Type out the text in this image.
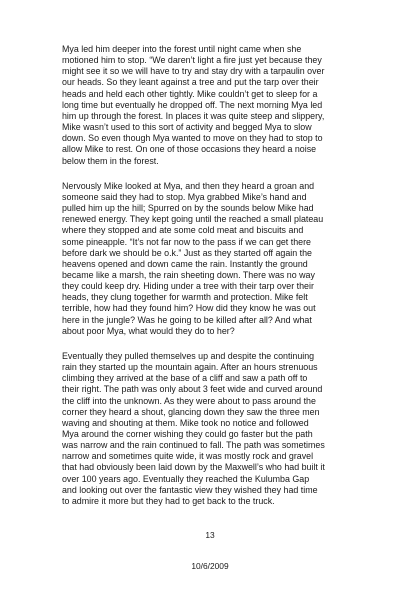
Mya led him deeper into the forest until night came when she
motioned him to stop. “We daren’t light a fire just yet because they
might see it so we will have to try and stay dry with a tarpaulin over
our heads. So they leant against a tree and put the tarp over their
heads and held each other tightly. Mike couldn’t get to sleep for a
long time but eventually he dropped off. The next morning Mya led
him up through the forest. In places it was quite steep and slippery,
Mike wasn’t used to this sort of activity and begged Mya to slow
down. So even though Mya wanted to move on they had to stop to
allow Mike to rest. On one of those occasions they heard a noise
below them in the forest.

Nervously Mike looked at Mya, and then they heard a groan and
someone said they had to stop. Mya grabbed Mike’s hand and
pulled him up the hill; Spurred on by the sounds below Mike had
renewed energy. They kept going until the reached a small plateau
where they stopped and ate some cold meat and biscuits and
some pineapple. “It’s not far now to the pass if we can get there
before dark we should be o.k.” Just as they started off again the
heavens opened and down came the rain. Instantly the ground
became like a marsh, the rain sheeting down. There was no way
they could keep dry. Hiding under a tree with their tarp over their
heads, they clung together for warmth and protection. Mike felt
terrible, how had they found him? How did they know he was out
here in the jungle? Was he going to be killed after all? And what
about poor Mya, what would they do to her?

Eventually they pulled themselves up and despite the continuing
rain they started up the mountain again. After an hours strenuous
climbing they arrived at the base of a cliff and saw a path off to
their right. The path was only about 3 feet wide and curved around
the cliff into the unknown. As they were about to pass around the
corner they heard a shout, glancing down they saw the three men
waving and shouting at them. Mike took no notice and followed
Mya around the corner wishing they could go faster but the path
was narrow and the rain continued to fall. The path was sometimes
narrow and sometimes quite wide, it was mostly rock and gravel
that had obviously been laid down by the Maxwell’s who had built it
over 100 years ago. Eventually they reached the Kulumba Gap
and looking out over the fantastic view they wished they had time
to admire it more but they had to get back to the truck.

13
10/6/2009
